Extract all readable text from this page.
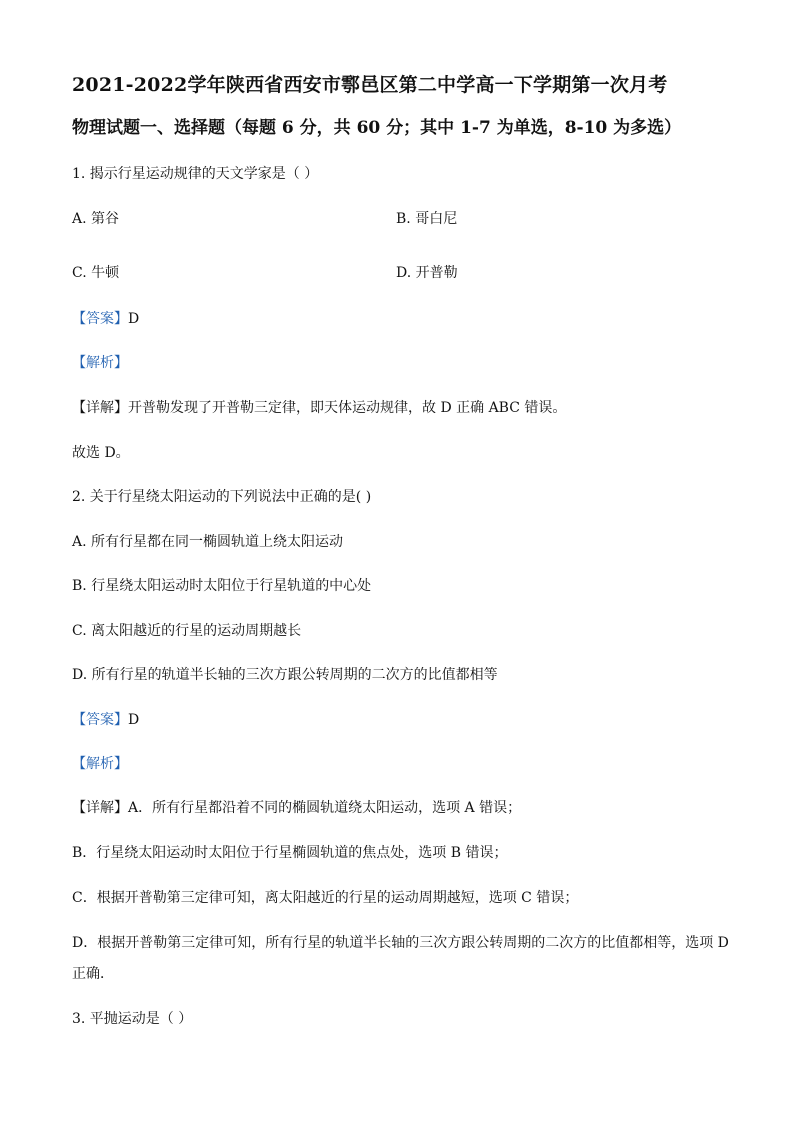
2021-2022学年陕西省西安市鄠邑区第二中学高一下学期第一次月考
物理试题一、选择题（每题 6 分，共 60 分；其中 1-7 为单选，8-10 为多选）
1. 揭示行星运动规律的天文学家是（ ）
A. 第谷	B. 哥白尼
C. 牛顿	D. 开普勒
【答案】D
【解析】
【详解】开普勒发现了开普勒三定律，即天体运动规律，故 D 正确 ABC 错误。
故选 D。
2. 关于行星绕太阳运动的下列说法中正确的是( )
A. 所有行星都在同一椭圆轨道上绕太阳运动
B. 行星绕太阳运动时太阳位于行星轨道的中心处
C. 离太阳越近的行星的运动周期越长
D. 所有行星的轨道半长轴的三次方跟公转周期的二次方的比值都相等
【答案】D
【解析】
【详解】A．所有行星都沿着不同的椭圆轨道绕太阳运动，选项 A 错误；
B．行星绕太阳运动时太阳位于行星椭圆轨道的焦点处，选项 B 错误；
C．根据开普勒第三定律可知，离太阳越近的行星的运动周期越短，选项 C 错误；
D．根据开普勒第三定律可知，所有行星的轨道半长轴的三次方跟公转周期的二次方的比值都相等，选项 D
正确．
3. 平抛运动是（ ）
